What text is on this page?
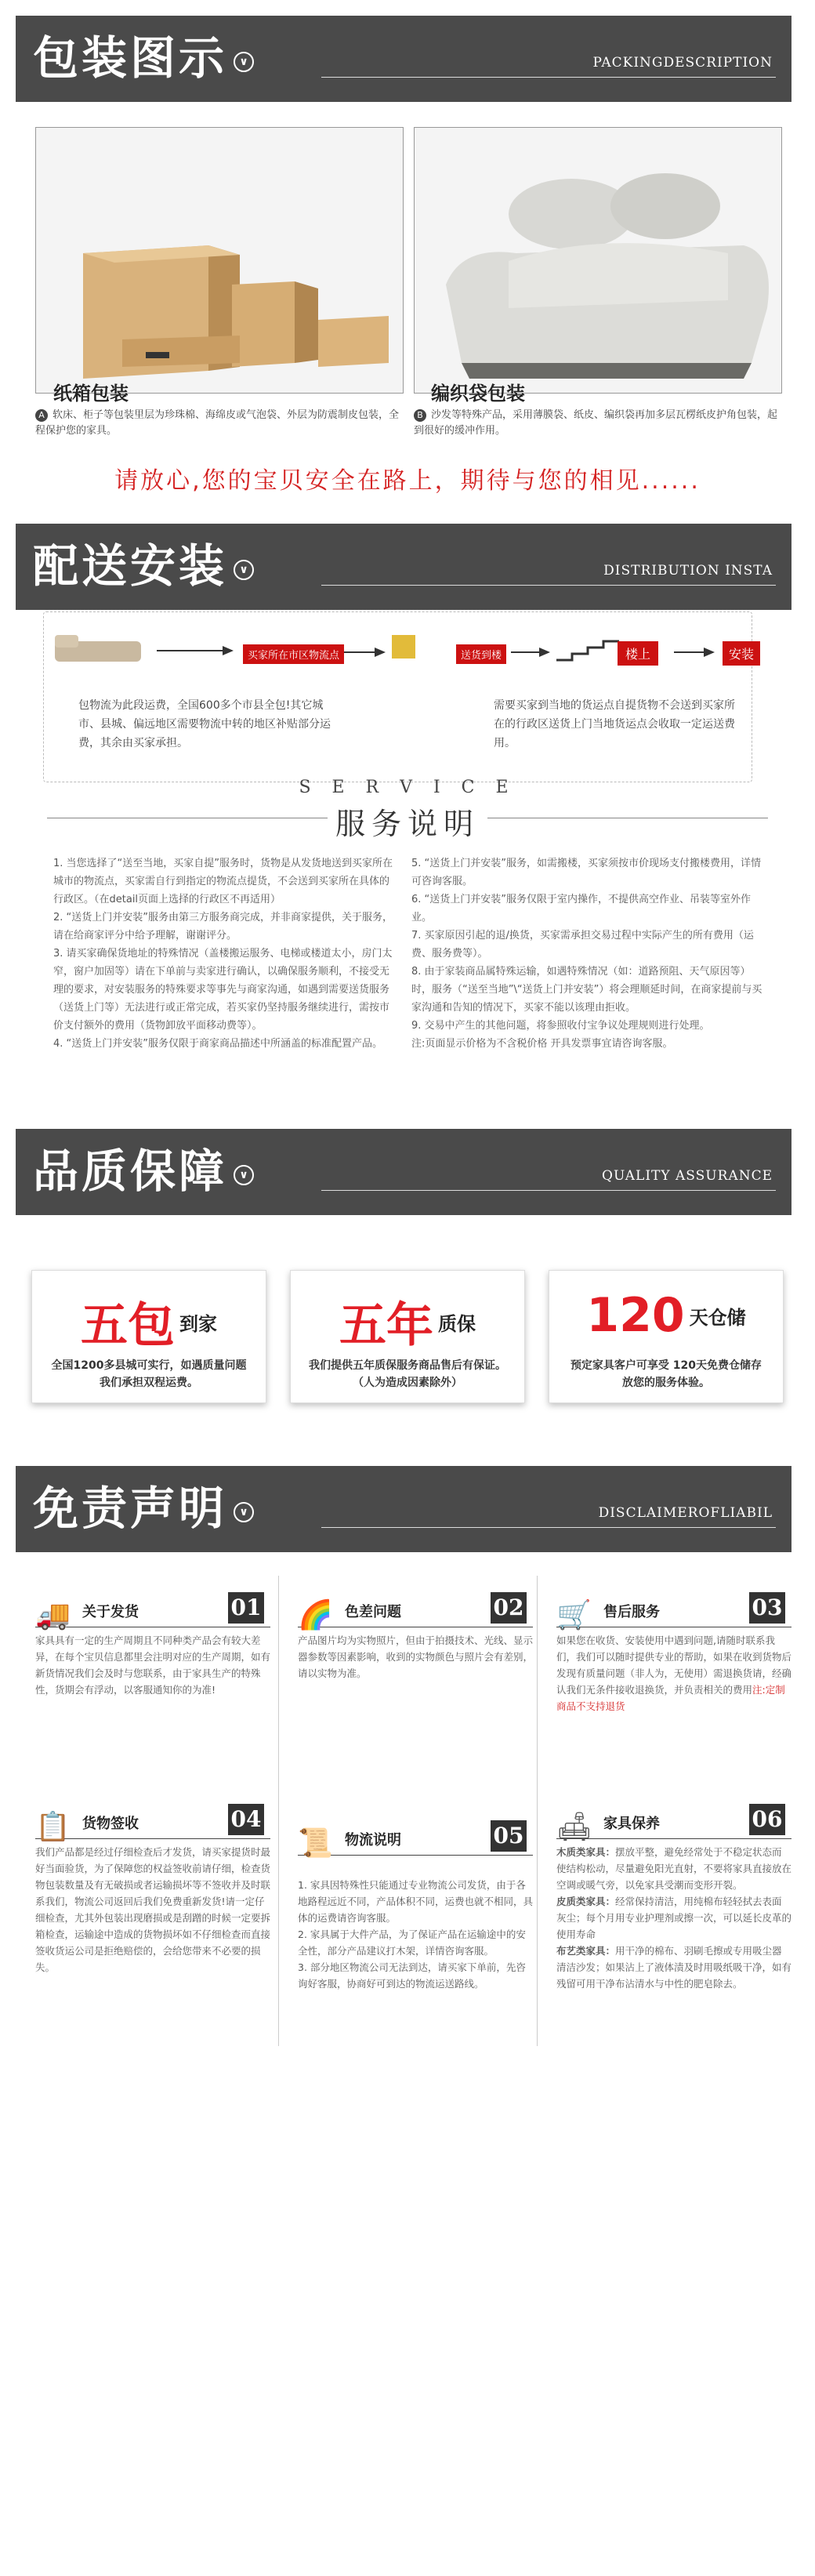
包装图示 ∨	PACKINGDESCRIPTION
纸箱包装
A 软床、柜子等包装里层为珍珠棉、海绵皮或气泡袋、外层为防震制皮包装，全程保护您的家具。
编织袋包装
B 沙发等特殊产品，采用薄膜袋、纸皮、编织袋再加多层瓦楞纸皮护角包装，起到很好的缓冲作用。
请放心,您的宝贝安全在路上，期待与您的相见......
配送安装 ∨	DISTRIBUTION INSTA
买家所在市区物流点	送货到楼	楼上	安装
包物流为此段运费，全国600多个市县全包!其它城市、县城、偏远地区需要物流中转的地区补贴部分运费，其余由买家承担。
需要买家到当地的货运点自提货物不会送到买家所在的行政区送货上门当地货运点会收取一定运送费用。
S E R V I C E
服务说明

1. 当您选择了“送至当地，买家自提”服务时，货物是从发货地送到买家所在城市的物流点，买家需自行到指定的物流点提货，不会送到买家所在具体的行政区。（在detail页面上选择的行政区不再适用）

2. “送货上门并安装”服务由第三方服务商完成，并非商家提供，关于服务，请在给商家评分中给予理解，谢谢评分。

3. 请买家确保货地址的特殊情况（盖楼搬运服务、电梯或楼道太小，房门太窄，窗户加固等）请在下单前与卖家进行确认，以确保服务顺利，不接受无理的要求，对安装服务的特殊要求等事先与商家沟通，如遇到需要送货服务（送货上门等）无法进行或正常完成，若买家仍坚持服务继续进行，需按市价支付额外的费用（货物卸放平面移动费等）。

4. “送货上门并安装”服务仅限于商家商品描述中所涵盖的标准配置产品。

5. “送货上门并安装”服务，如需搬楼，买家须按市价现场支付搬楼费用，详情可咨询客服。

6. “送货上门并安装”服务仅限于室内操作，不提供高空作业、吊装等室外作业。

7. 买家原因引起的退/换货，买家需承担交易过程中实际产生的所有费用（运费、服务费等）。

8. 由于家装商品属特殊运输，如遇特殊情况（如：道路预阻、天气原因等）时，服务（“送至当地”\“送货上门并安装”）将会理顺延时间，在商家提前与买家沟通和告知的情况下，买家不能以该理由拒收。

9. 交易中产生的其他问题，将参照收付宝争议处理规则进行处理。

注:页面显示价格为不含税价格 开具发票事宜请咨询客服。

品质保障 ∨	QUALITY ASSURANCE
五包 到家
全国1200多县城可实行，如遇质量问题我们承担双程运费。
五年 质保
我们提供五年质保服务商品售后有保证。（人为造成因素除外）
120 天仓储
预定家具客户可享受 120天免费仓储存放您的服务体验。
免责声明 ∨	DISCLAIMEROFLIABIL
🚚 关于发货	01

家具具有一定的生产周期且不同种类产品会有较大差异，在每个宝贝信息都里会注明对应的生产周期，如有新货情况我们会及时与您联系，由于家具生产的特殊性，货期会有浮动，以客服通知你的为准!

🌈 色差问题	02

产品图片均为实物照片，但由于拍摄技术、光线、显示器参数等因素影响，收到的实物颜色与照片会有差别，请以实物为准。

🛒 售后服务	03

如果您在收货、安装使用中遇到问题,请随时联系我们，我们可以随时提供专业的帮助，如果在收到货物后发现有质量问题（非人为，无使用）需退换货请，经确认我们无条件接收退换货，并负责相关的费用注:定制商品不支持退货

📋 货物签收	04

我们产品都是经过仔细检查后才发货，请买家提货时最好当面验货，为了保障您的权益签收前请仔细，检查货物包装数量及有无破损或者运输损坏等不签收并及时联系我们，物流公司返回后我们免费重新发货!请一定仔细检查，尤其外包装出现磨损或是刮蹭的时候一定要拆箱检查，运输途中造成的货物损坏如不仔细检查而直接签收货运公司是拒绝赔偿的，会给您带来不必要的损失。

📜 物流说明	05

1. 家具因特殊性只能通过专业物流公司发货，由于各地路程远近不同，产品体积不同，运费也就不相同，具体的运费请咨询客服。
2. 家具属于大件产品，为了保证产品在运输途中的安全性，部分产品建议打木架，详情咨询客服。
3. 部分地区物流公司无法到达，请买家下单前，先咨询好客服，协商好可到达的物流运送路线。

🛋 家具保养	06

木质类家具：摆放平整，避免经常处于不稳定状态而使结构松动，尽量避免阳光直射，不要将家具直接放在空调或暖气旁，以免家具受潮而变形开裂。

皮质类家具：经常保持清洁，用纯棉布轻轻拭去表面灰尘；每个月用专业护理剂或擦一次，可以延长皮革的使用寿命

布艺类家具：用干净的棉布、羽刷毛擦或专用吸尘器清洁沙发；如果沾上了液体渍及时用吸纸吸干净，如有残留可用干净布沾清水与中性的肥皂除去。
